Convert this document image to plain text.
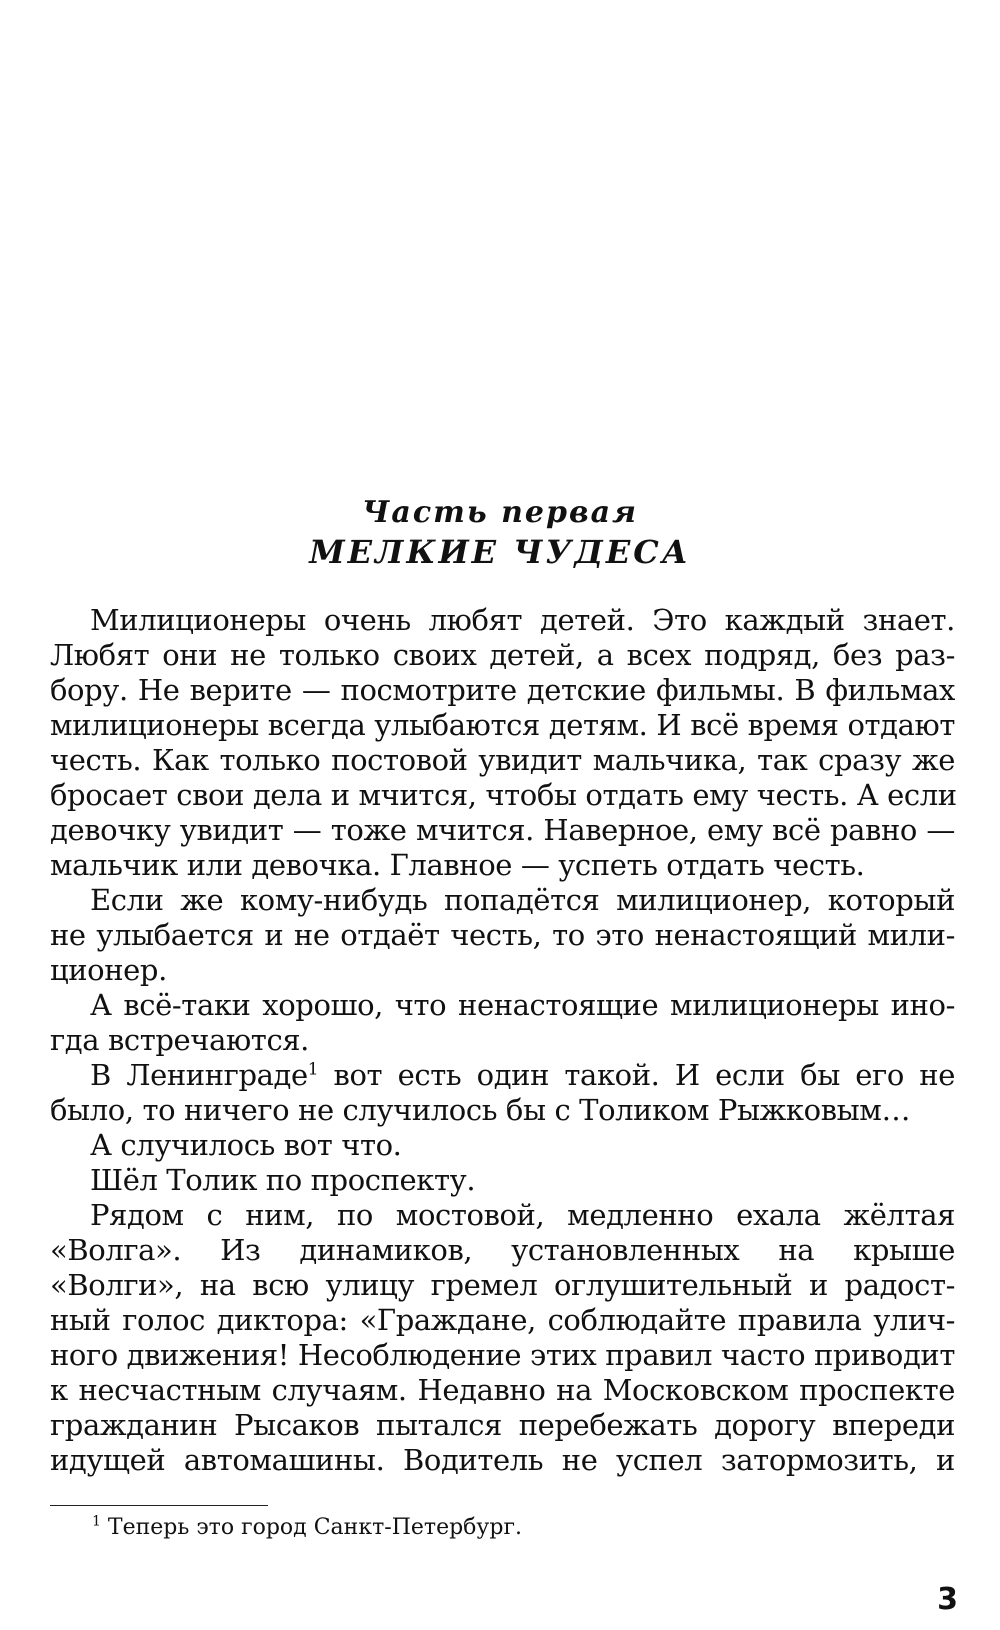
Часть первая
МЕЛКИЕ ЧУДЕСА
Милиционеры очень любят детей. Это каждый знает.
Любят они не только своих детей, а всех подряд, без раз-
бору. Не верите — посмотрите детские фильмы. В фильмах
милиционеры всегда улыбаются детям. И всё время отдают
честь. Как только постовой увидит мальчика, так сразу же
бросает свои дела и мчится, чтобы отдать ему честь. А если
девочку увидит — тоже мчится. Наверное, ему всё равно —
мальчик или девочка. Главное — успеть отдать честь.
Если же кому-нибудь попадётся милиционер, который
не улыбается и не отдаёт честь, то это ненастоящий мили-
ционер.
А всё-таки хорошо, что ненастоящие милиционеры ино-
гда встречаются.
В Ленинграде$^1$ вот есть один такой. И если бы его не
было, то ничего не случилось бы с Толиком Рыжковым…
А случилось вот что.
Шёл Толик по проспекту.
Рядом с ним, по мостовой, медленно ехала жёлтая
«Волга». Из динамиков, установленных на крыше
«Волги», на всю улицу гремел оглушительный и радост-
ный голос диктора: «Граждане, соблюдайте правила улич-
ного движения! Несоблюдение этих правил часто приводит
к несчастным случаям. Недавно на Московском проспекте
гражданин Рысаков пытался перебежать дорогу впереди
идущей автомашины. Водитель не успел затормозить, и
$^1$ Теперь это город Санкт-Петербург.
3
